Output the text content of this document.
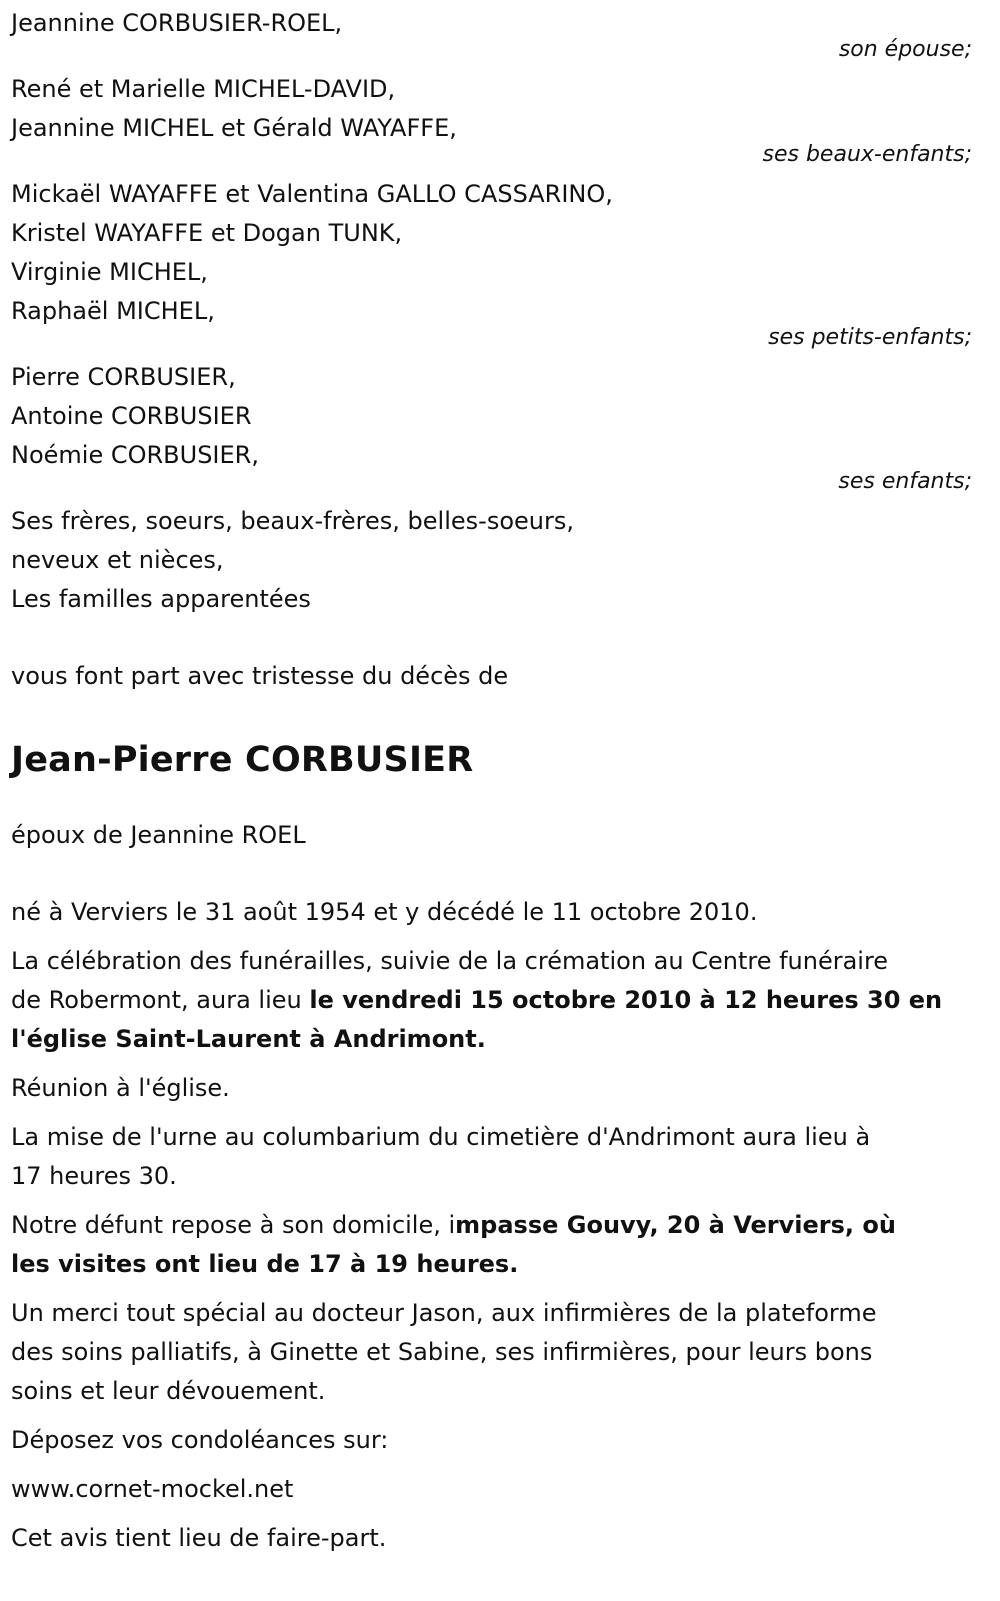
Jeannine CORBUSIER-ROEL,
son épouse;
René et Marielle MICHEL-DAVID,
Jeannine MICHEL et Gérald WAYAFFE,
ses beaux-enfants;
Mickaël WAYAFFE et Valentina GALLO CASSARINO,
Kristel WAYAFFE et Dogan TUNK,
Virginie MICHEL,
Raphaël MICHEL,
ses petits-enfants;
Pierre CORBUSIER,
Antoine CORBUSIER
Noémie CORBUSIER,
ses enfants;
Ses frères, soeurs, beaux-frères, belles-soeurs,
neveux et nièces,
Les familles apparentées
vous font part avec tristesse du décès de
Jean-Pierre CORBUSIER
époux de Jeannine ROEL
né à Verviers le 31 août 1954 et y décédé le 11 octobre 2010.
La célébration des funérailles, suivie de la crémation au Centre funéraire
de Robermont, aura lieu le vendredi 15 octobre 2010 à 12 heures 30 en
l'église Saint-Laurent à Andrimont.
Réunion à l'église.
La mise de l'urne au columbarium du cimetière d'Andrimont aura lieu à
17 heures 30.
Notre défunt repose à son domicile, impasse Gouvy, 20 à Verviers, où
les visites ont lieu de 17 à 19 heures.
Un merci tout spécial au docteur Jason, aux infirmières de la plateforme
des soins palliatifs, à Ginette et Sabine, ses infirmières, pour leurs bons
soins et leur dévouement.
Déposez vos condoléances sur:
www.cornet-mockel.net
Cet avis tient lieu de faire-part.
